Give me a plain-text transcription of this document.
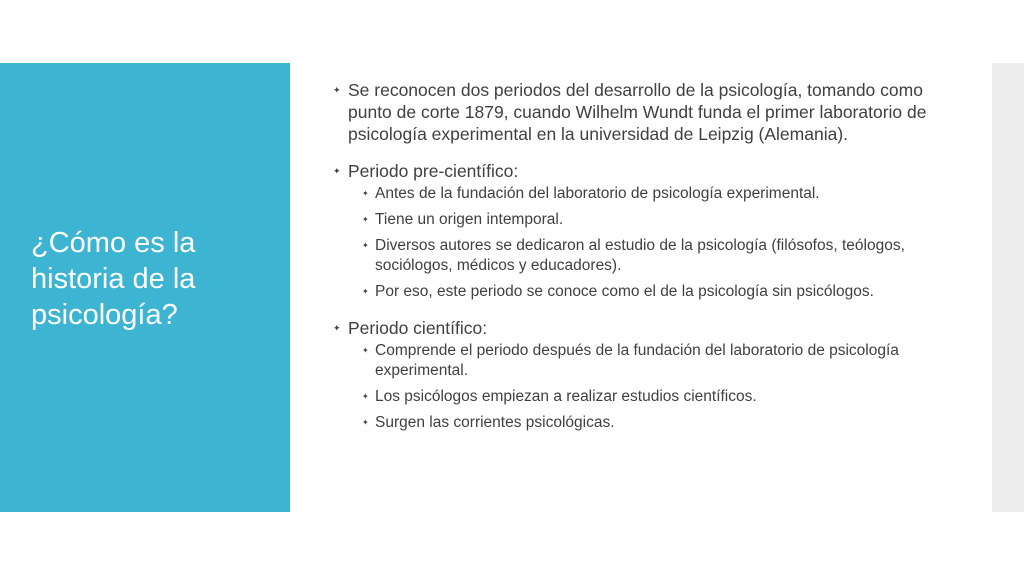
¿Cómo es la historia de la psicología?
✦ Se reconocen dos periodos del desarrollo de la psicología, tomando como punto de corte 1879, cuando Wilhelm Wundt funda el primer laboratorio de psicología experimental en la universidad de Leipzig (Alemania).
✦ Periodo pre-científico:
✦ Antes de la fundación del laboratorio de psicología experimental.
✦ Tiene un origen intemporal.
✦ Diversos autores se dedicaron al estudio de la psicología (filósofos, teólogos, sociólogos, médicos y educadores).
✦ Por eso, este periodo se conoce como el de la psicología sin psicólogos.
✦ Periodo científico:
✦ Comprende el periodo después de la fundación del laboratorio de psicología experimental.
✦ Los psicólogos empiezan a realizar estudios científicos.
✦ Surgen las corrientes psicológicas.
